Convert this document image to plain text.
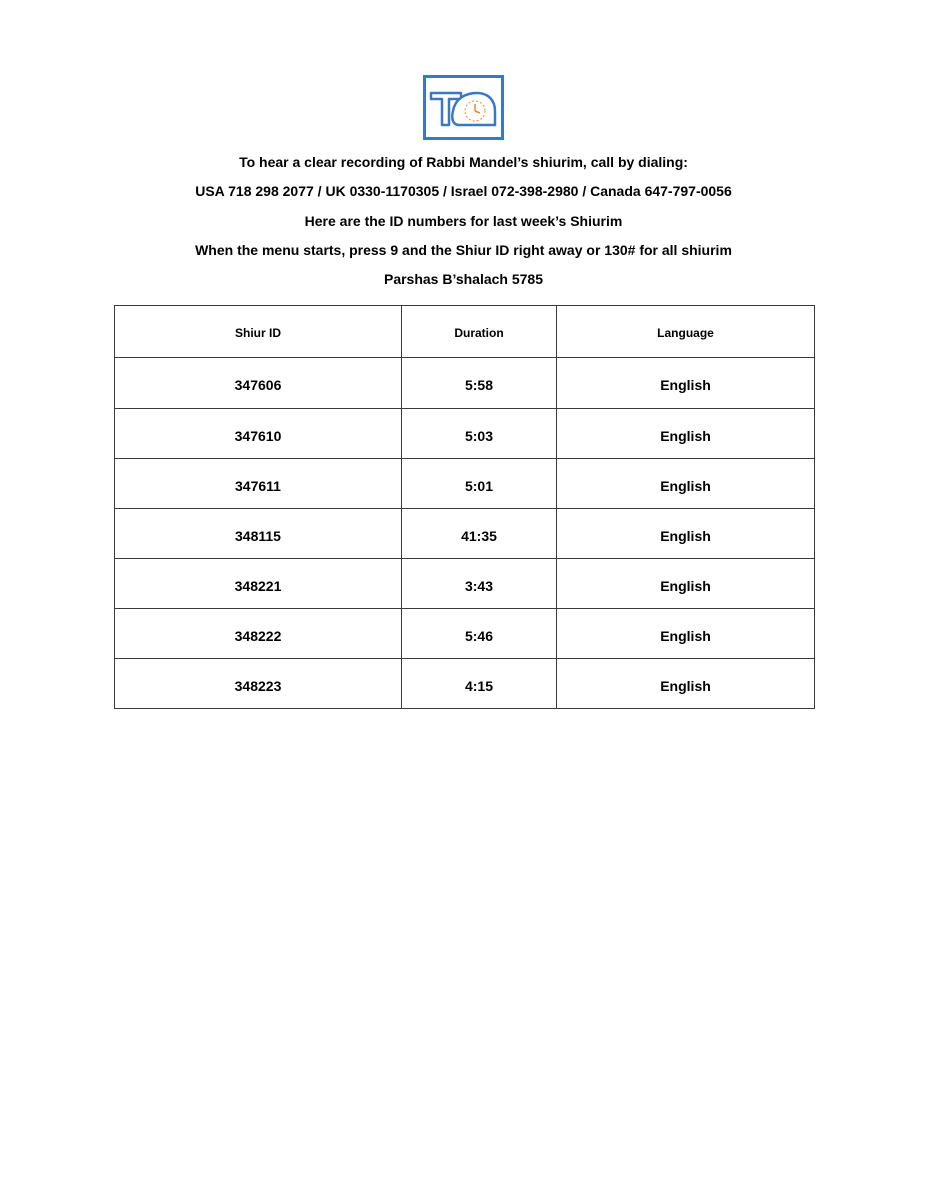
To hear a clear recording of Rabbi Mandel’s shiurim, call by dialing:
USA 718 298 2077 / UK 0330-1170305 / Israel 072-398-2980 / Canada 647-797-0056
Here are the ID numbers for last week’s Shiurim
When the menu starts, press 9 and the Shiur ID right away or 130# for all shiurim
Parshas B’shalach 5785
Shiur ID	Duration	Language
347606	5:58	English
347610	5:03	English
347611	5:01	English
348115	41:35	English
348221	3:43	English
348222	5:46	English
348223	4:15	English
